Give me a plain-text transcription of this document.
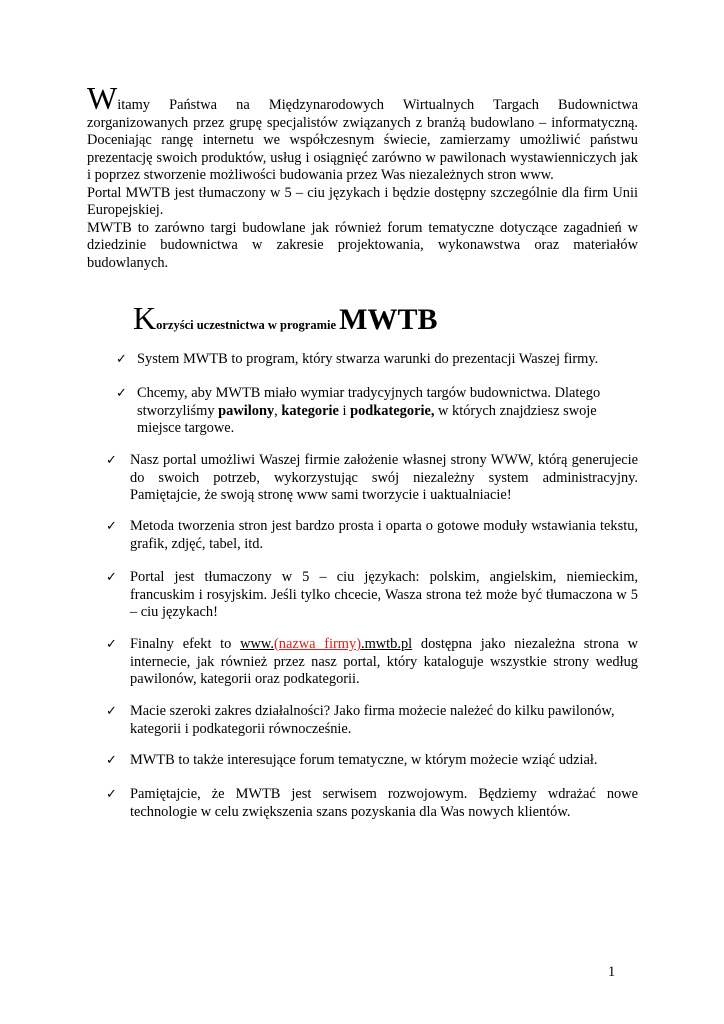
Witamy Państwa na Międzynarodowych Wirtualnych Targach Budownictwa zorganizowanych przez grupę specjalistów związanych z branżą budowlano – informatyczną. Doceniając rangę internetu we współczesnym świecie, zamierzamy umożliwić państwu prezentację swoich produktów, usług i osiągnięć zarówno w pawilonach wystawienniczych jak i poprzez stworzenie możliwości budowania przez Was niezależnych stron www.

Portal MWTB jest tłumaczony w 5 – ciu językach i będzie dostępny szczególnie dla firm Unii Europejskiej.

MWTB to zarówno targi budowlane jak również forum tematyczne dotyczące zagadnień w dziedzinie budownictwa w zakresie projektowania, wykonawstwa oraz materiałów budowlanych.

Korzyści uczestnictwa w programie MWTB
✓ System MWTB to program, który stwarza warunki do prezentacji Waszej firmy.
✓ Chcemy, aby MWTB miało wymiar tradycyjnych targów budownictwa. Dlatego stworzyliśmy pawilony, kategorie i podkategorie, w których znajdziesz swoje miejsce targowe.
✓ Nasz portal umożliwi Waszej firmie założenie własnej strony WWW, którą generujecie do swoich potrzeb, wykorzystując swój niezależny system administracyjny. Pamiętajcie, że swoją stronę www sami tworzycie i uaktualniacie!
✓ Metoda tworzenia stron jest bardzo prosta i oparta o gotowe moduły wstawiania tekstu, grafik, zdjęć, tabel, itd.
✓ Portal jest tłumaczony w 5 – ciu językach: polskim, angielskim, niemieckim, francuskim i rosyjskim. Jeśli tylko chcecie, Wasza strona też może być tłumaczona w 5 – ciu językach!
✓ Finalny efekt to www.(nazwa firmy).mwtb.pl dostępna jako niezależna strona w internecie, jak również przez nasz portal, który kataloguje wszystkie strony według pawilonów, kategorii oraz podkategorii.
✓ Macie szeroki zakres działalności? Jako firma możecie należeć do kilku pawilonów, kategorii i podkategorii równocześnie.
✓ MWTB to także interesujące forum tematyczne, w którym możecie wziąć udział.
✓ Pamiętajcie, że MWTB jest serwisem rozwojowym. Będziemy wdrażać nowe technologie w celu zwiększenia szans pozyskania dla Was nowych klientów.
1
